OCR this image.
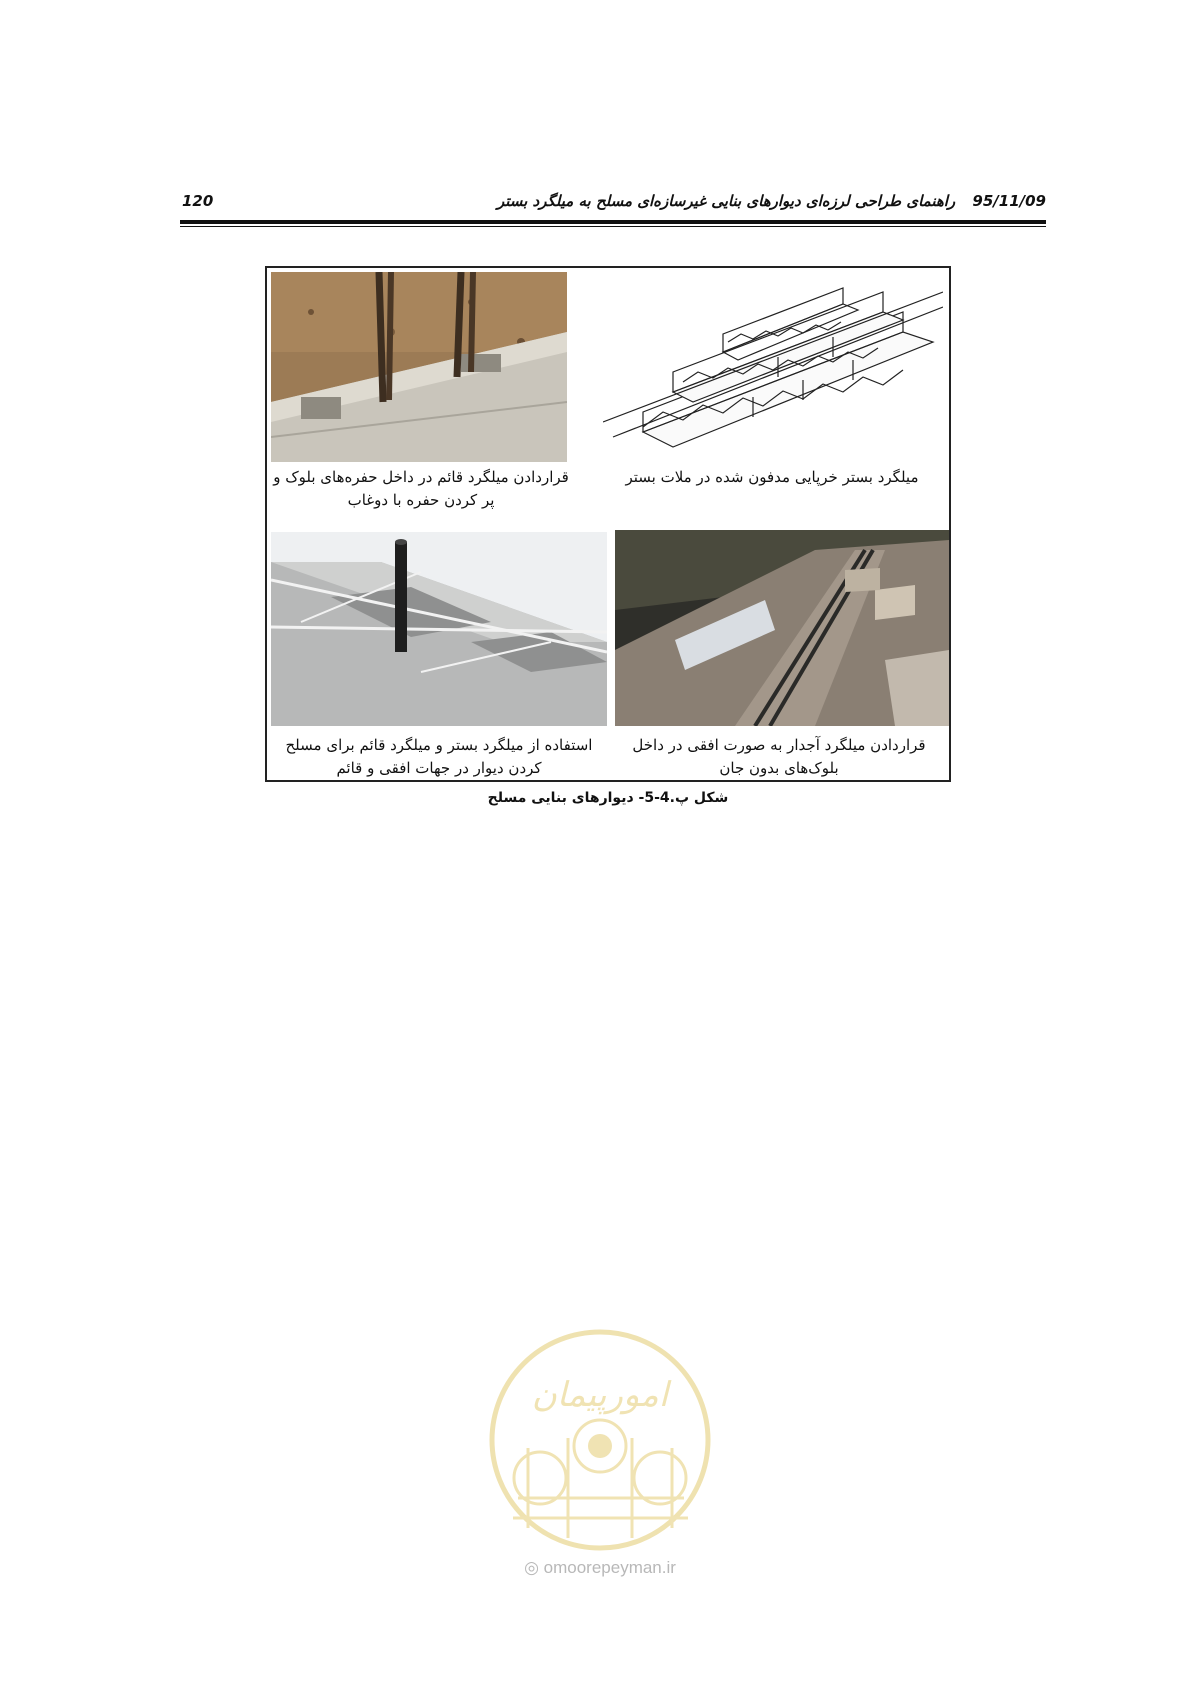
95/11/09 راهنمای طراحی لرزه‌ای دیوارهای بنایی غیرسازه‌ای مسلح به میلگرد بستر
120
قراردادن میلگرد قائم در داخل حفره‌های بلوک و
پر کردن حفره با دوغاب
میلگرد بستر خرپایی مدفون شده در ملات بستر
استفاده از میلگرد بستر و میلگرد قائم برای مسلح
کردن دیوار در جهات افقی و قائم
قراردادن میلگرد آجدار به صورت افقی در داخل
بلوک‌های بدون جان
شکل پ.4-5- دیوارهای بنایی مسلح
امورپیمان
◎ omoorepeyman.ir
